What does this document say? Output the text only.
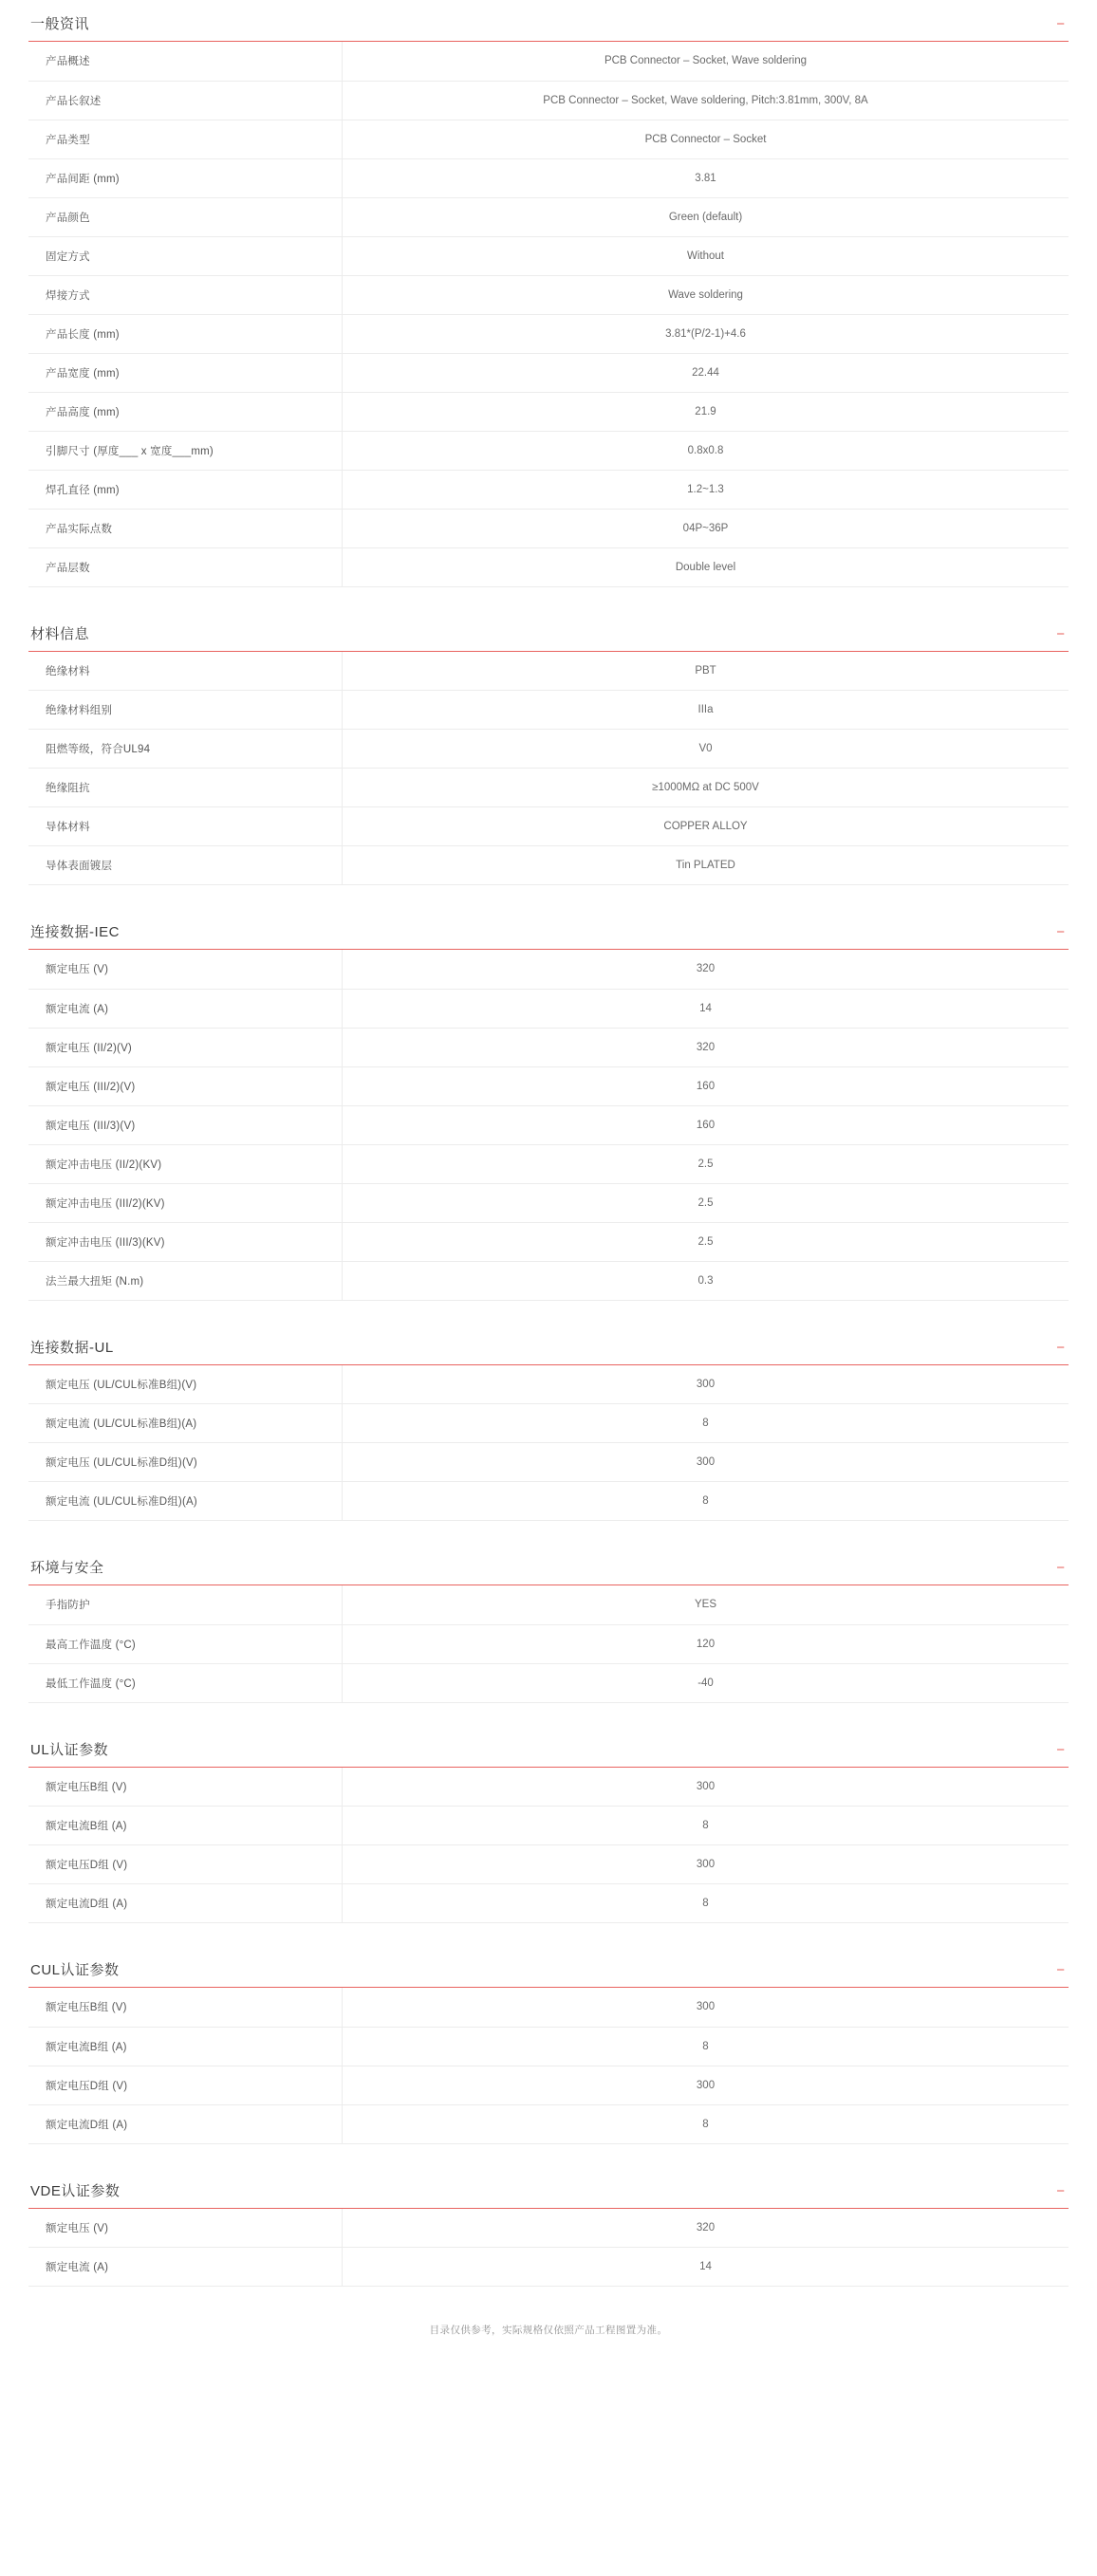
一般资讯	−
产品概述	PCB Connector – Socket, Wave soldering
产品长叙述	PCB Connector – Socket, Wave soldering, Pitch:3.81mm, 300V, 8A
产品类型	PCB Connector – Socket
产品间距 (mm)	3.81
产品颜色	Green (default)
固定方式	Without
焊接方式	Wave soldering
产品长度 (mm)	3.81*(P/2-1)+4.6
产品宽度 (mm)	22.44
产品高度 (mm)	21.9
引脚尺寸 (厚度___ x 宽度___mm)	0.8x0.8
焊孔直径 (mm)	1.2~1.3
产品实际点数	04P~36P
产品层数	Double level
材料信息	−
绝缘材料	PBT
绝缘材料组别	IIIa
阻燃等级，符合UL94	V0
绝缘阻抗	≥1000MΩ at DC 500V
导体材料	COPPER ALLOY
导体表面镀层	Tin PLATED
连接数据-IEC	−
额定电压 (V)	320
额定电流 (A)	14
额定电压 (II/2)(V)	320
额定电压 (III/2)(V)	160
额定电压 (III/3)(V)	160
额定冲击电压 (II/2)(KV)	2.5
额定冲击电压 (III/2)(KV)	2.5
额定冲击电压 (III/3)(KV)	2.5
法兰最大扭矩 (N.m)	0.3
连接数据-UL	−
额定电压 (UL/CUL标准B组)(V)	300
额定电流 (UL/CUL标准B组)(A)	8
额定电压 (UL/CUL标准D组)(V)	300
额定电流 (UL/CUL标准D组)(A)	8
环境与安全	−
手指防护	YES
最高工作温度 (°C)	120
最低工作温度 (°C)	-40
UL认证参数	−
额定电压B组 (V)	300
额定电流B组 (A)	8
额定电压D组 (V)	300
额定电流D组 (A)	8
CUL认证参数	−
额定电压B组 (V)	300
额定电流B组 (A)	8
额定电压D组 (V)	300
额定电流D组 (A)	8
VDE认证参数	−
额定电压 (V)	320
额定电流 (A)	14
目录仅供参考，实际规格仅依照产品工程图置为准。
